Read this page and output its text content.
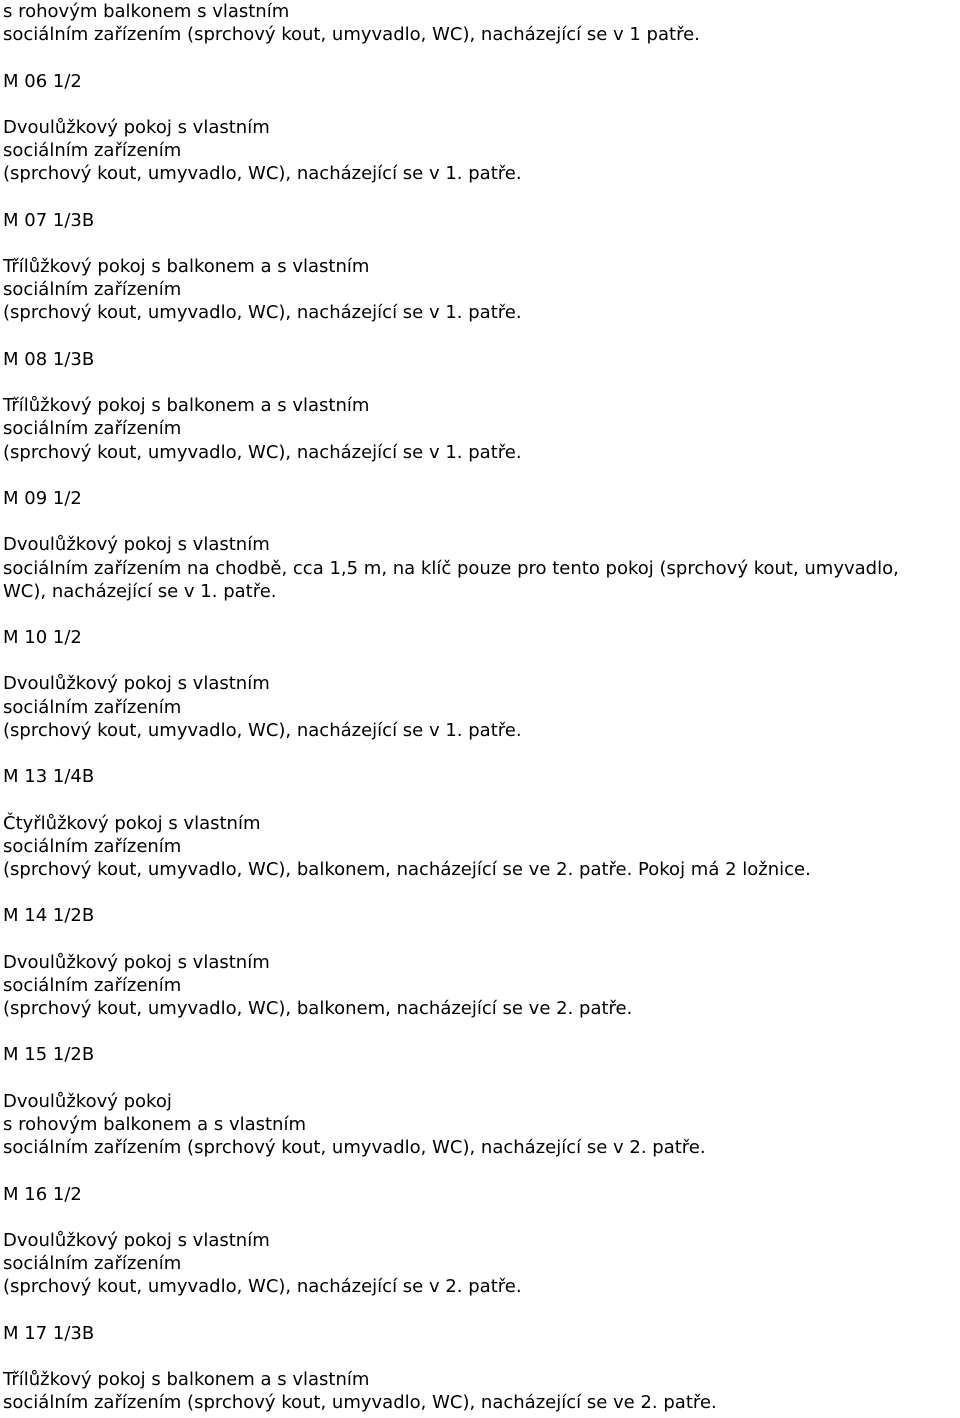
s rohovým balkonem s vlastním
sociálním zařízením (sprchový kout, umyvadlo, WC), nacházející se v 1 patře.
M 06 1/2
Dvoulůžkový pokoj s vlastním
sociálním zařízením
(sprchový kout, umyvadlo, WC), nacházející se v 1. patře.
M 07 1/3B
Třílůžkový pokoj s balkonem a s vlastním
sociálním zařízením
(sprchový kout, umyvadlo, WC), nacházející se v 1. patře.
M 08 1/3B
Třílůžkový pokoj s balkonem a s vlastním
sociálním zařízením
(sprchový kout, umyvadlo, WC), nacházející se v 1. patře.
M 09 1/2
Dvoulůžkový pokoj s vlastním
sociálním zařízením na chodbě, cca 1,5 m, na klíč pouze pro tento pokoj (sprchový kout, umyvadlo,
WC), nacházející se v 1. patře.
M 10 1/2
Dvoulůžkový pokoj s vlastním
sociálním zařízením
(sprchový kout, umyvadlo, WC), nacházející se v 1. patře.
M 13 1/4B
Čtyřlůžkový pokoj s vlastním
sociálním zařízením
(sprchový kout, umyvadlo, WC), balkonem, nacházející se ve 2. patře. Pokoj má 2 ložnice.
M 14 1/2B
Dvoulůžkový pokoj s vlastním
sociálním zařízením
(sprchový kout, umyvadlo, WC), balkonem, nacházející se ve 2. patře.
M 15 1/2B
Dvoulůžkový pokoj
s rohovým balkonem a s vlastním
sociálním zařízením (sprchový kout, umyvadlo, WC), nacházející se v 2. patře.
M 16 1/2
Dvoulůžkový pokoj s vlastním
sociálním zařízením
(sprchový kout, umyvadlo, WC), nacházející se v 2. patře.
M 17 1/3B
Třílůžkový pokoj s balkonem a s vlastním
sociálním zařízením (sprchový kout, umyvadlo, WC), nacházející se ve 2. patře.
